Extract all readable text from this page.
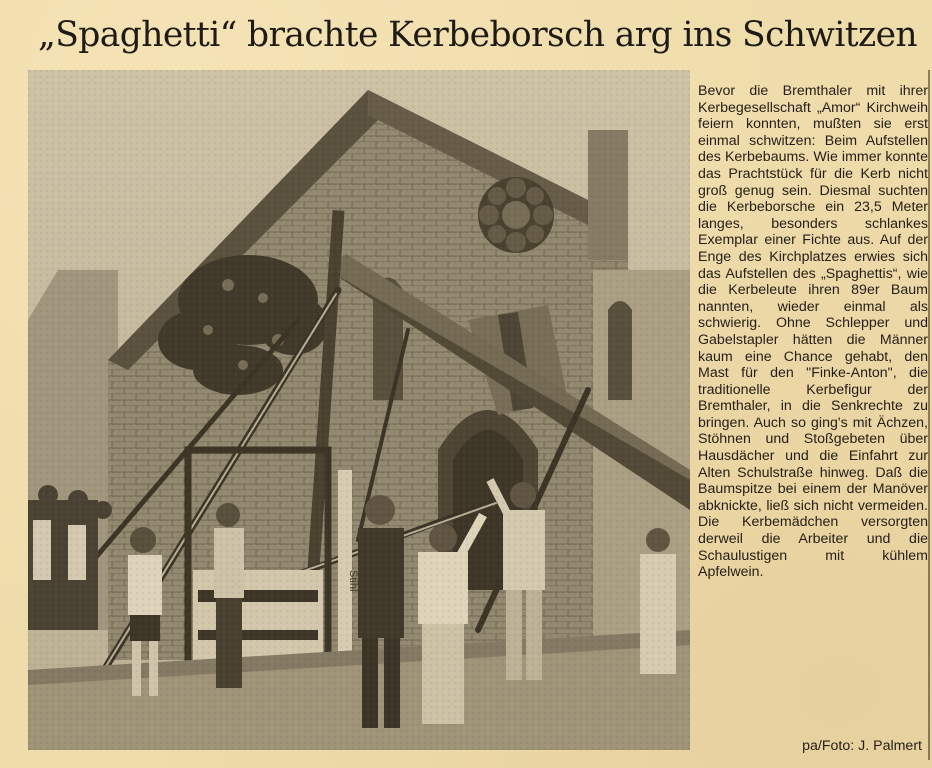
„Spaghetti“ brachte Kerbeborsch arg ins Schwitzen

Bevor die Bremthaler mit ihrer Kerbegesellschaft „Amor“ Kirchweih feiern konnten, mußten sie erst einmal schwitzen: Beim Aufstellen des Kerbebaums. Wie immer konnte das Prachtstück für die Kerb nicht groß genug sein. Diesmal suchten die Kerbeborsche ein 23,5 Meter langes, besonders schlankes Exemplar einer Fichte aus. Auf der Enge des Kirchplatzes erwies sich das Aufstellen des „Spaghettis“, wie die Kerbeleute ihren 89er Baum nannten, wieder einmal als schwierig. Ohne Schlepper und Gabelstapler hätten die Männer kaum eine Chance gehabt, den Mast für den "Finke-Anton", die traditionelle Kerbefigur der Bremthaler, in die Senkrechte zu bringen. Auch so ging's mit Ächzen, Stöhnen und Stoßgebeten über Hausdächer und die Einfahrt zur Alten Schulstraße hinweg. Daß die Baumspitze bei einem der Manöver abknickte, ließ sich nicht vermeiden. Die Kerbemädchen versorgten derweil die Arbeiter und die Schaulustigen mit kühlem Apfelwein.

pa/Foto: J. Palmert
